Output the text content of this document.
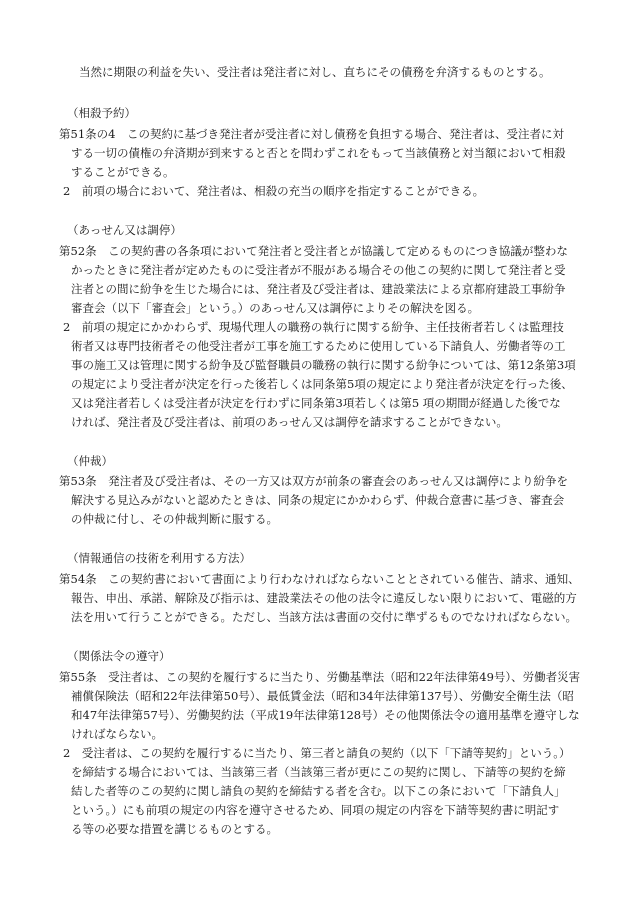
当然に期限の利益を失い、受注者は発注者に対し、直ちにその債務を弁済するものとする。
（相殺予約）
第51条の4　この契約に基づき発注者が受注者に対し債務を負担する場合、発注者は、受注者に対
する一切の債権の弁済期が到来すると否とを問わずこれをもって当該債務と対当額において相殺
することができる。
2　前項の場合において、発注者は、相殺の充当の順序を指定することができる。
（あっせん又は調停）
第52条　この契約書の各条項において発注者と受注者とが協議して定めるものにつき協議が整わな
かったときに発注者が定めたものに受注者が不服がある場合その他この契約に関して発注者と受
注者との間に紛争を生じた場合には、発注者及び受注者は、建設業法による京都府建設工事紛争
審査会（以下「審査会」という。）のあっせん又は調停によりその解決を図る。
2　前項の規定にかかわらず、現場代理人の職務の執行に関する紛争、主任技術者若しくは監理技
術者又は専門技術者その他受注者が工事を施工するために使用している下請負人、労働者等の工
事の施工又は管理に関する紛争及び監督職員の職務の執行に関する紛争については、第12条第3項
の規定により受注者が決定を行った後若しくは同条第5項の規定により発注者が決定を行った後、
又は発注者若しくは受注者が決定を行わずに同条第3項若しくは第5 項の期間が経過した後でな
ければ、発注者及び受注者は、前項のあっせん又は調停を請求することができない。
（仲裁）
第53条　発注者及び受注者は、その一方又は双方が前条の審査会のあっせん又は調停により紛争を
解決する見込みがないと認めたときは、同条の規定にかかわらず、仲裁合意書に基づき、審査会
の仲裁に付し、その仲裁判断に服する。
（情報通信の技術を利用する方法）
第54条　この契約書において書面により行わなければならないこととされている催告、請求、通知、
報告、申出、承諾、解除及び指示は、建設業法その他の法令に違反しない限りにおいて、電磁的方
法を用いて行うことができる。ただし、当該方法は書面の交付に準ずるものでなければならない。
（関係法令の遵守）
第55条　受注者は、この契約を履行するに当たり、労働基準法（昭和22年法律第49号）、労働者災害
補償保険法（昭和22年法律第50号）、最低賃金法（昭和34年法律第137号）、労働安全衛生法（昭
和47年法律第57号）、労働契約法（平成19年法律第128号）その他関係法令の適用基準を遵守しな
ければならない。
2　受注者は、この契約を履行するに当たり、第三者と請負の契約（以下「下請等契約」という。）
を締結する場合においては、当該第三者（当該第三者が更にこの契約に関し、下請等の契約を締
結した者等のこの契約に関し請負の契約を締結する者を含む。以下この条において「下請負人」
という。）にも前項の規定の内容を遵守させるため、同項の規定の内容を下請等契約書に明記す
る等の必要な措置を講じるものとする。
